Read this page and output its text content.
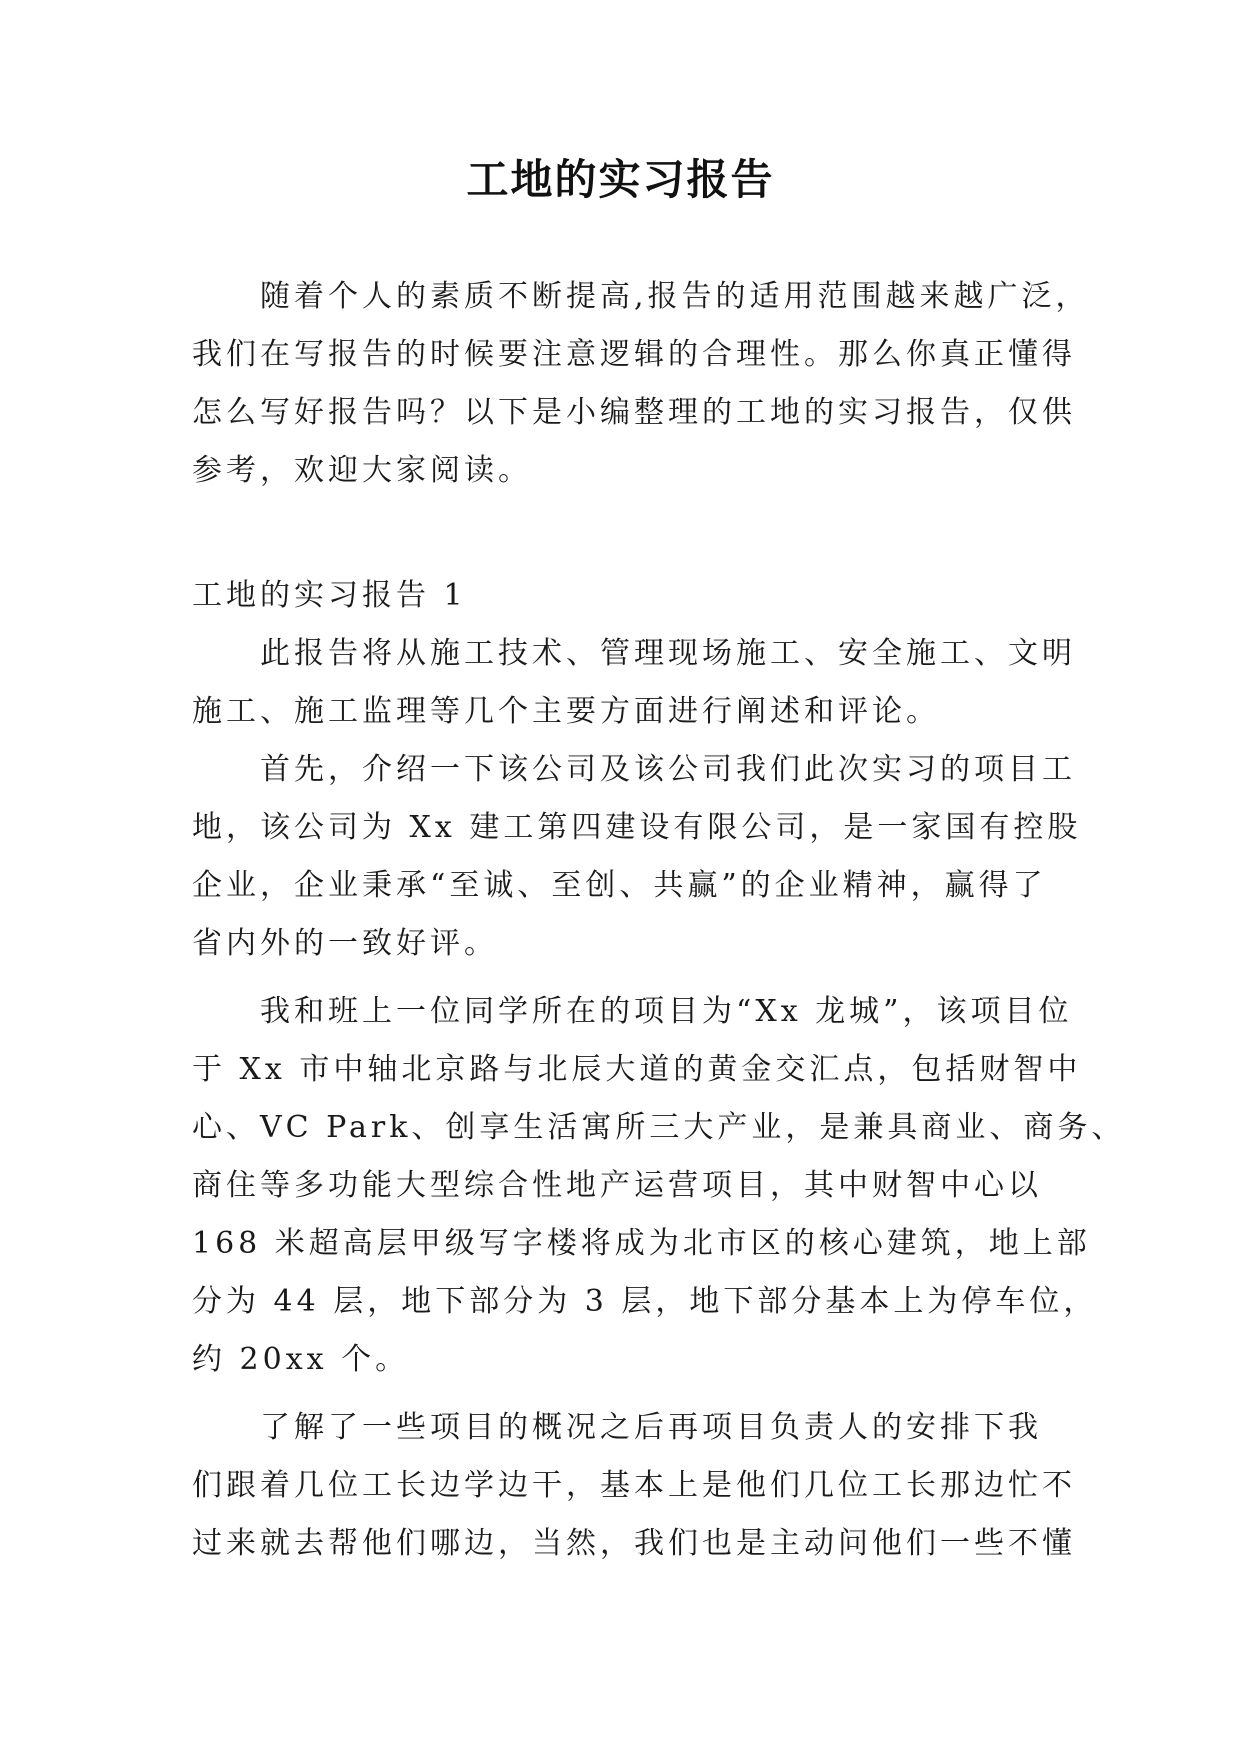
工地的实习报告
随着个人的素质不断提高,报告的适用范围越来越广泛，
我们在写报告的时候要注意逻辑的合理性。那么你真正懂得
怎么写好报告吗？以下是小编整理的工地的实习报告，仅供
参考，欢迎大家阅读。
工地的实习报告 1
此报告将从施工技术、管理现场施工、安全施工、文明
施工、施工监理等几个主要方面进行阐述和评论。
首先，介绍一下该公司及该公司我们此次实习的项目工
地，该公司为 Xx 建工第四建设有限公司，是一家国有控股
企业，企业秉承“至诚、至创、共赢”的企业精神，赢得了
省内外的一致好评。
我和班上一位同学所在的项目为“Xx 龙城”，该项目位
于 Xx 市中轴北京路与北辰大道的黄金交汇点，包括财智中
心、VC Park、创享生活寓所三大产业，是兼具商业、商务、
商住等多功能大型综合性地产运营项目，其中财智中心以
168 米超高层甲级写字楼将成为北市区的核心建筑，地上部
分为 44 层，地下部分为 3 层，地下部分基本上为停车位，
约 20xx 个。
了解了一些项目的概况之后再项目负责人的安排下我
们跟着几位工长边学边干，基本上是他们几位工长那边忙不
过来就去帮他们哪边，当然，我们也是主动问他们一些不懂
